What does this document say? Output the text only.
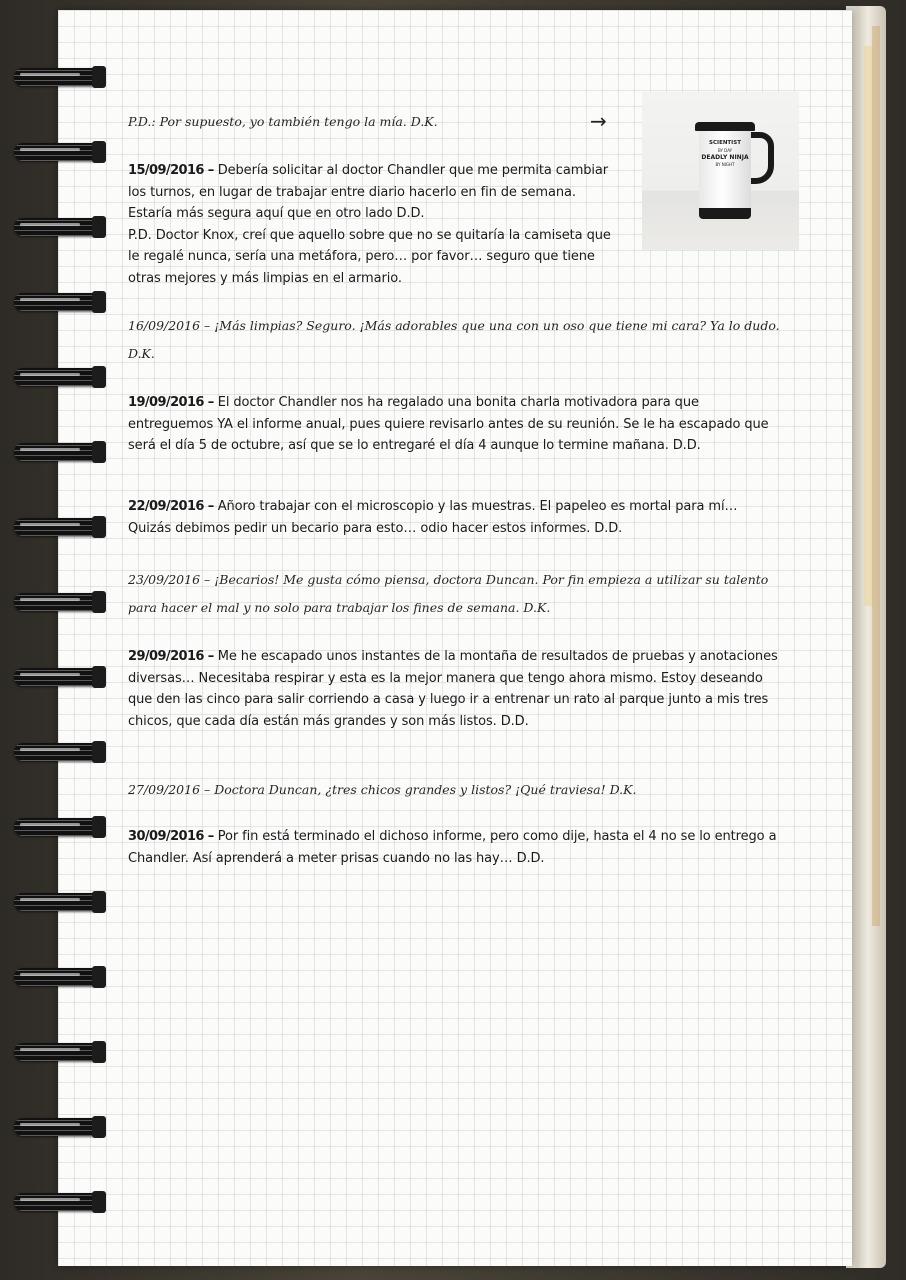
SCIENTIST
BY DAY
DEADLY NINJA
BY NIGHT

P.D.: Por supuesto, yo también tengo la mía. D.K.	→

15/09/2016 – Debería solicitar al doctor Chandler que me permita cambiar los turnos, en lugar de trabajar entre diario hacerlo en fin de semana. Estaría más segura aquí que en otro lado D.D.
P.D. Doctor Knox, creí que aquello sobre que no se quitaría la camiseta que le regalé nunca, sería una metáfora, pero… por favor… seguro que tiene otras mejores y más limpias en el armario.

16/09/2016 – ¡Más limpias? Seguro. ¡Más adorables que una con un oso que tiene mi cara? Ya lo dudo. D.K.

19/09/2016 – El doctor Chandler nos ha regalado una bonita charla motivadora para que entreguemos YA el informe anual, pues quiere revisarlo antes de su reunión. Se le ha escapado que será el día 5 de octubre, así que se lo entregaré el día 4 aunque lo termine mañana. D.D.

22/09/2016 – Añoro trabajar con el microscopio y las muestras. El papeleo es mortal para mí… Quizás debimos pedir un becario para esto… odio hacer estos informes. D.D.

23/09/2016 – ¡Becarios! Me gusta cómo piensa, doctora Duncan. Por fin empieza a utilizar su talento para hacer el mal y no solo para trabajar los fines de semana. D.K.

29/09/2016 – Me he escapado unos instantes de la montaña de resultados de pruebas y anotaciones diversas… Necesitaba respirar y esta es la mejor manera que tengo ahora mismo. Estoy deseando que den las cinco para salir corriendo a casa y luego ir a entrenar un rato al parque junto a mis tres chicos, que cada día están más grandes y son más listos. D.D.

27/09/2016 – Doctora Duncan, ¿tres chicos grandes y listos? ¡Qué traviesa! D.K.

30/09/2016 – Por fin está terminado el dichoso informe, pero como dije, hasta el 4 no se lo entrego a Chandler. Así aprenderá a meter prisas cuando no las hay… D.D.
